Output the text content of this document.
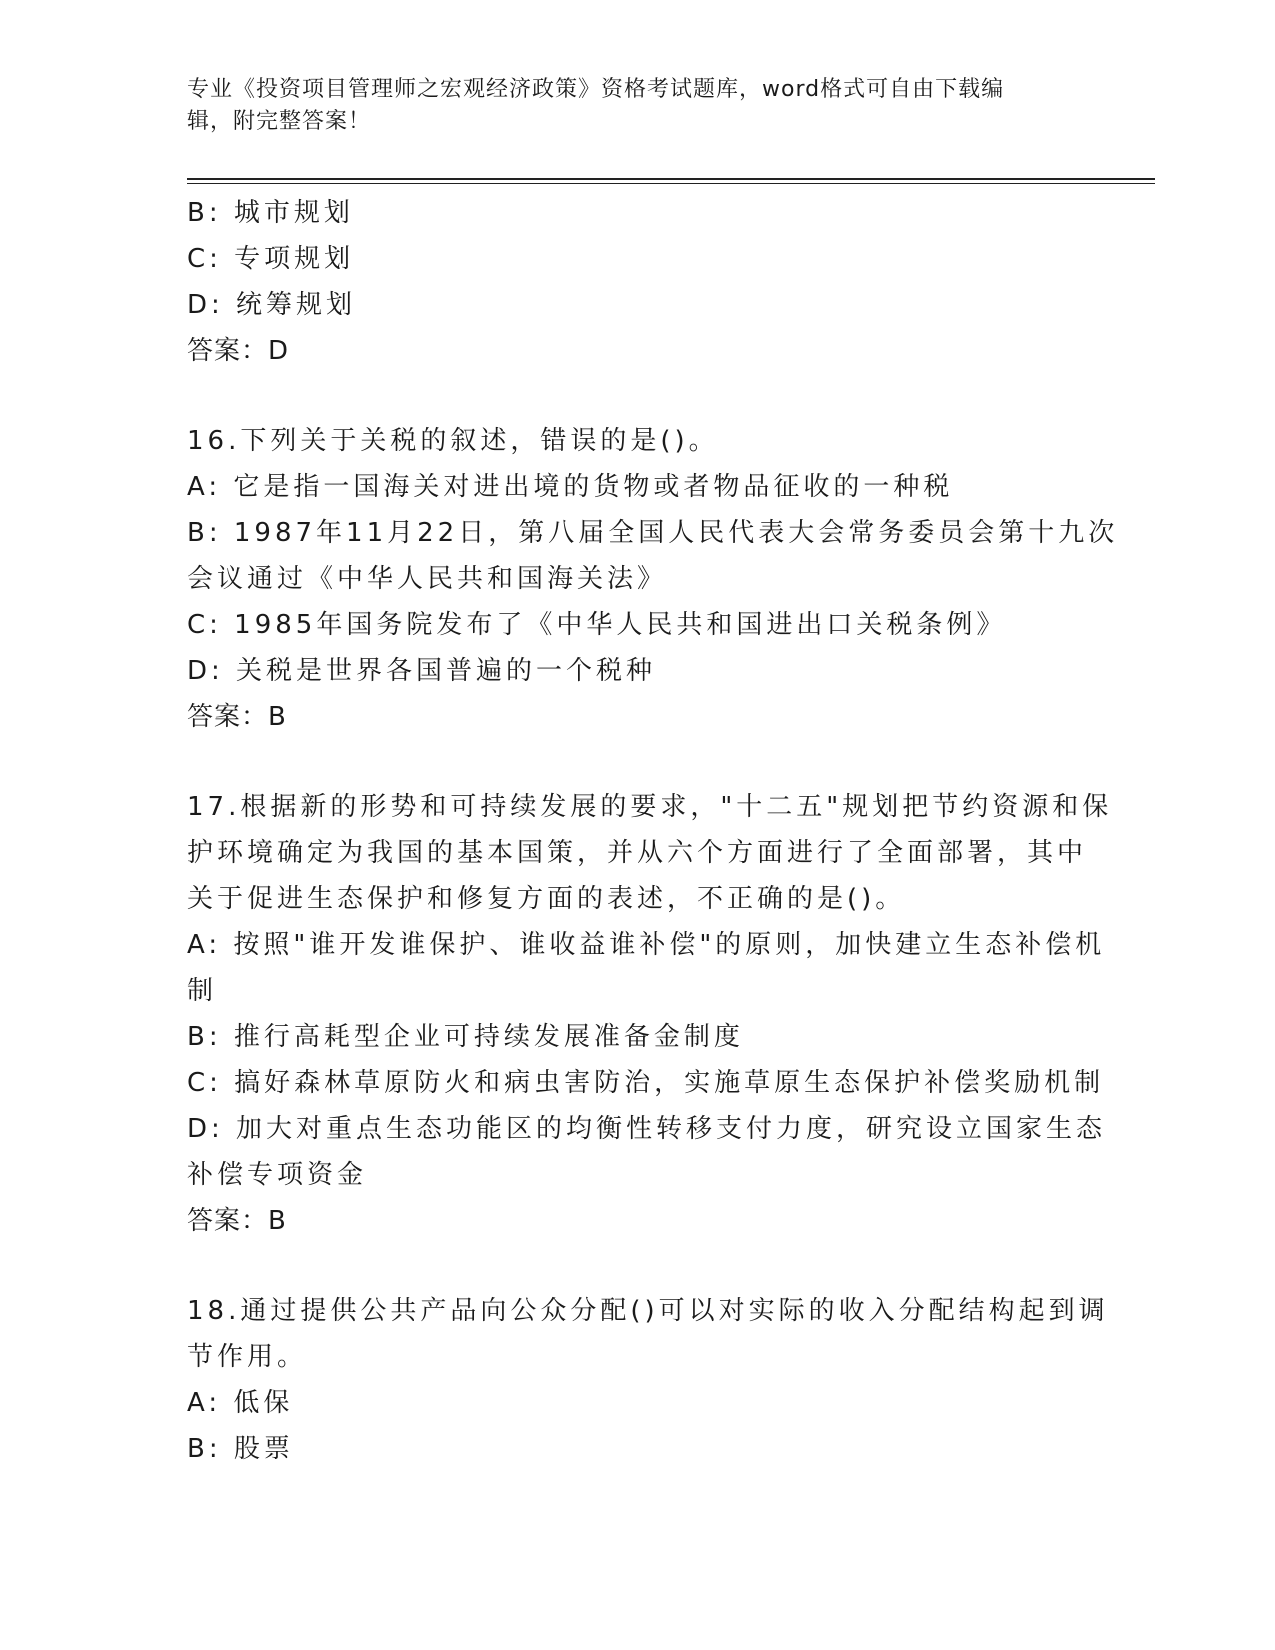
专业《投资项目管理师之宏观经济政策》资格考试题库，word格式可自由下载编
辑，附完整答案！
B: 城市规划
C: 专项规划
D: 统筹规划
答案：D
16.下列关于关税的叙述，错误的是()。
A: 它是指一国海关对进出境的货物或者物品征收的一种税
B: 1987年11月22日，第八届全国人民代表大会常务委员会第十九次
会议通过《中华人民共和国海关法》
C: 1985年国务院发布了《中华人民共和国进出口关税条例》
D: 关税是世界各国普遍的一个税种
答案：B
17.根据新的形势和可持续发展的要求，"十二五"规划把节约资源和保
护环境确定为我国的基本国策，并从六个方面进行了全面部署，其中
关于促进生态保护和修复方面的表述，不正确的是()。
A: 按照"谁开发谁保护、谁收益谁补偿"的原则，加快建立生态补偿机
制
B: 推行高耗型企业可持续发展准备金制度
C: 搞好森林草原防火和病虫害防治，实施草原生态保护补偿奖励机制
D: 加大对重点生态功能区的均衡性转移支付力度，研究设立国家生态
补偿专项资金
答案：B
18.通过提供公共产品向公众分配()可以对实际的收入分配结构起到调
节作用。
A: 低保
B: 股票
